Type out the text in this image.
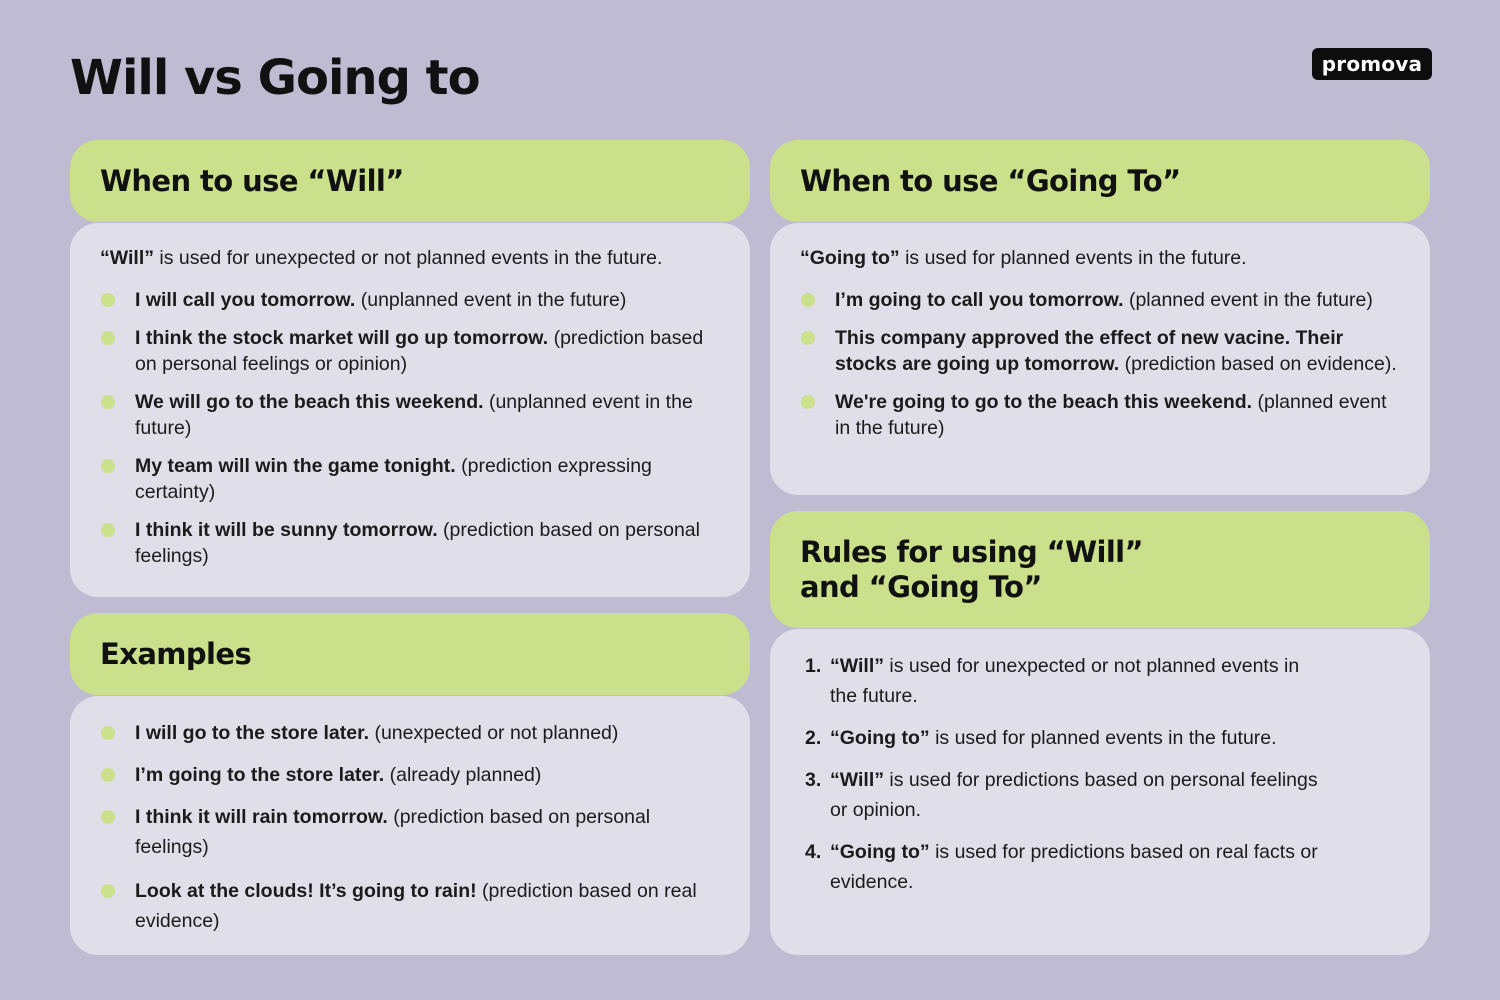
Will vs Going to	promova
When to use “Will”

“Will” is used for unexpected or not planned events in the future.

I will call you tomorrow. (unplanned event in the future)
I think the stock market will go up tomorrow. (prediction based on personal feelings or opinion)
We will go to the beach this weekend. (unplanned event in the future)
My team will win the game tonight. (prediction expressing certainty)
I think it will be sunny tomorrow. (prediction based on personal feelings)
Examples
I will go to the store later. (unexpected or not planned)
I’m going to the store later. (already planned)
I think it will rain tomorrow. (prediction based on personal feelings)
Look at the clouds! It’s going to rain! (prediction based on real evidence)
When to use “Going To”

“Going to” is used for planned events in the future.

I’m going to call you tomorrow. (planned event in the future)
This company approved the effect of new vacine. Their stocks are going up tomorrow. (prediction based on evidence).
We're going to go to the beach this weekend. (planned event in the future)
Rules for using “Will”
and “Going To”
1. “Will” is used for unexpected or not planned events in the future.
2. “Going to” is used for planned events in the future.
3. “Will” is used for predictions based on personal feelings or opinion.
4. “Going to” is used for predictions based on real facts or evidence.
